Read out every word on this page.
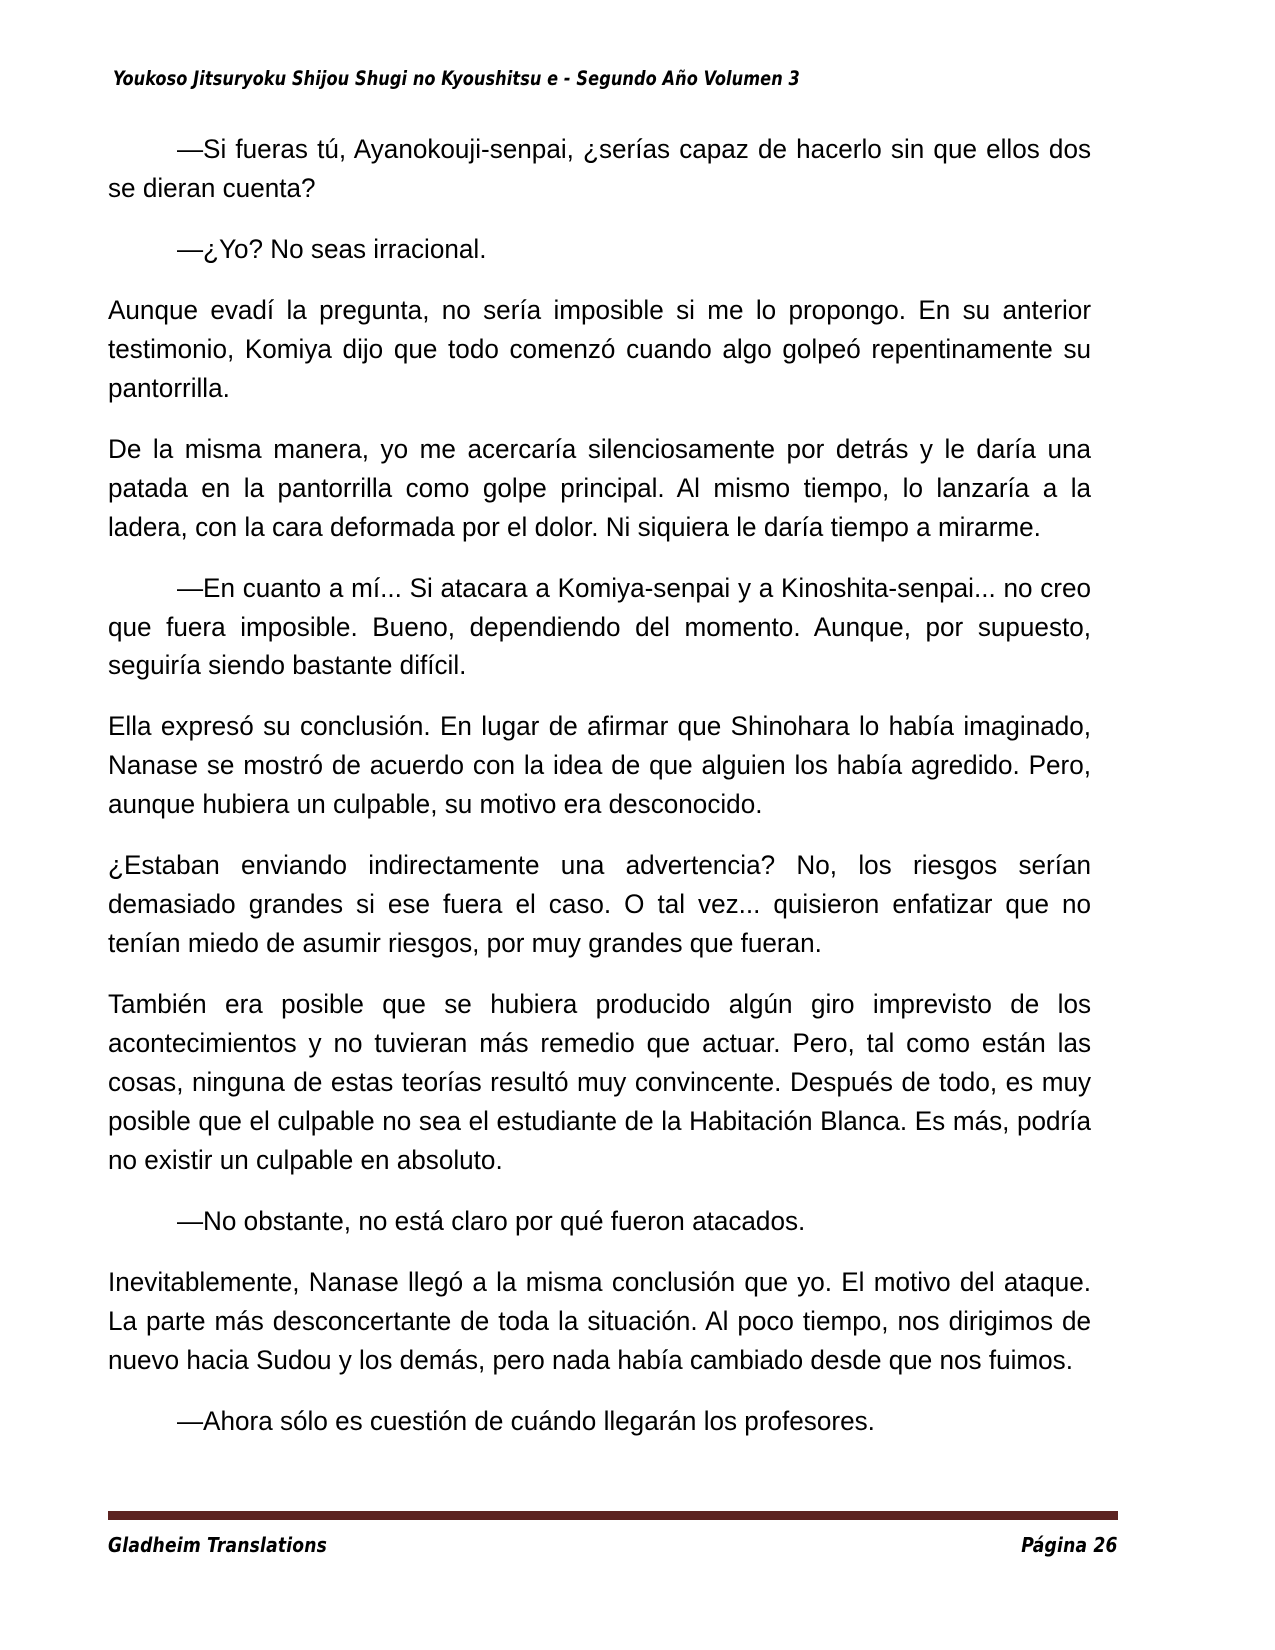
Youkoso Jitsuryoku Shijou Shugi no Kyoushitsu e - Segundo Año Volumen 3

—Si fueras tú, Ayanokouji-senpai, ¿serías capaz de hacerlo sin que ellos dos se dieran cuenta?

—¿Yo? No seas irracional.

Aunque evadí la pregunta, no sería imposible si me lo propongo. En su anterior testimonio, Komiya dijo que todo comenzó cuando algo golpeó repentinamente su pantorrilla.

De la misma manera, yo me acercaría silenciosamente por detrás y le daría una patada en la pantorrilla como golpe principal. Al mismo tiempo, lo lanzaría a la ladera, con la cara deformada por el dolor. Ni siquiera le daría tiempo a mirarme.

—En cuanto a mí... Si atacara a Komiya-senpai y a Kinoshita-senpai... no creo que fuera imposible. Bueno, dependiendo del momento. Aunque, por supuesto, seguiría siendo bastante difícil.

Ella expresó su conclusión. En lugar de afirmar que Shinohara lo había imaginado, Nanase se mostró de acuerdo con la idea de que alguien los había agredido. Pero, aunque hubiera un culpable, su motivo era desconocido.

¿Estaban enviando indirectamente una advertencia? No, los riesgos serían demasiado grandes si ese fuera el caso. O tal vez... quisieron enfatizar que no tenían miedo de asumir riesgos, por muy grandes que fueran.

También era posible que se hubiera producido algún giro imprevisto de los acontecimientos y no tuvieran más remedio que actuar. Pero, tal como están las cosas, ninguna de estas teorías resultó muy convincente. Después de todo, es muy posible que el culpable no sea el estudiante de la Habitación Blanca. Es más, podría no existir un culpable en absoluto.

—No obstante, no está claro por qué fueron atacados.

Inevitablemente, Nanase llegó a la misma conclusión que yo. El motivo del ataque. La parte más desconcertante de toda la situación. Al poco tiempo, nos dirigimos de nuevo hacia Sudou y los demás, pero nada había cambiado desde que nos fuimos.

—Ahora sólo es cuestión de cuándo llegarán los profesores.

Gladheim Translations	Página 26
